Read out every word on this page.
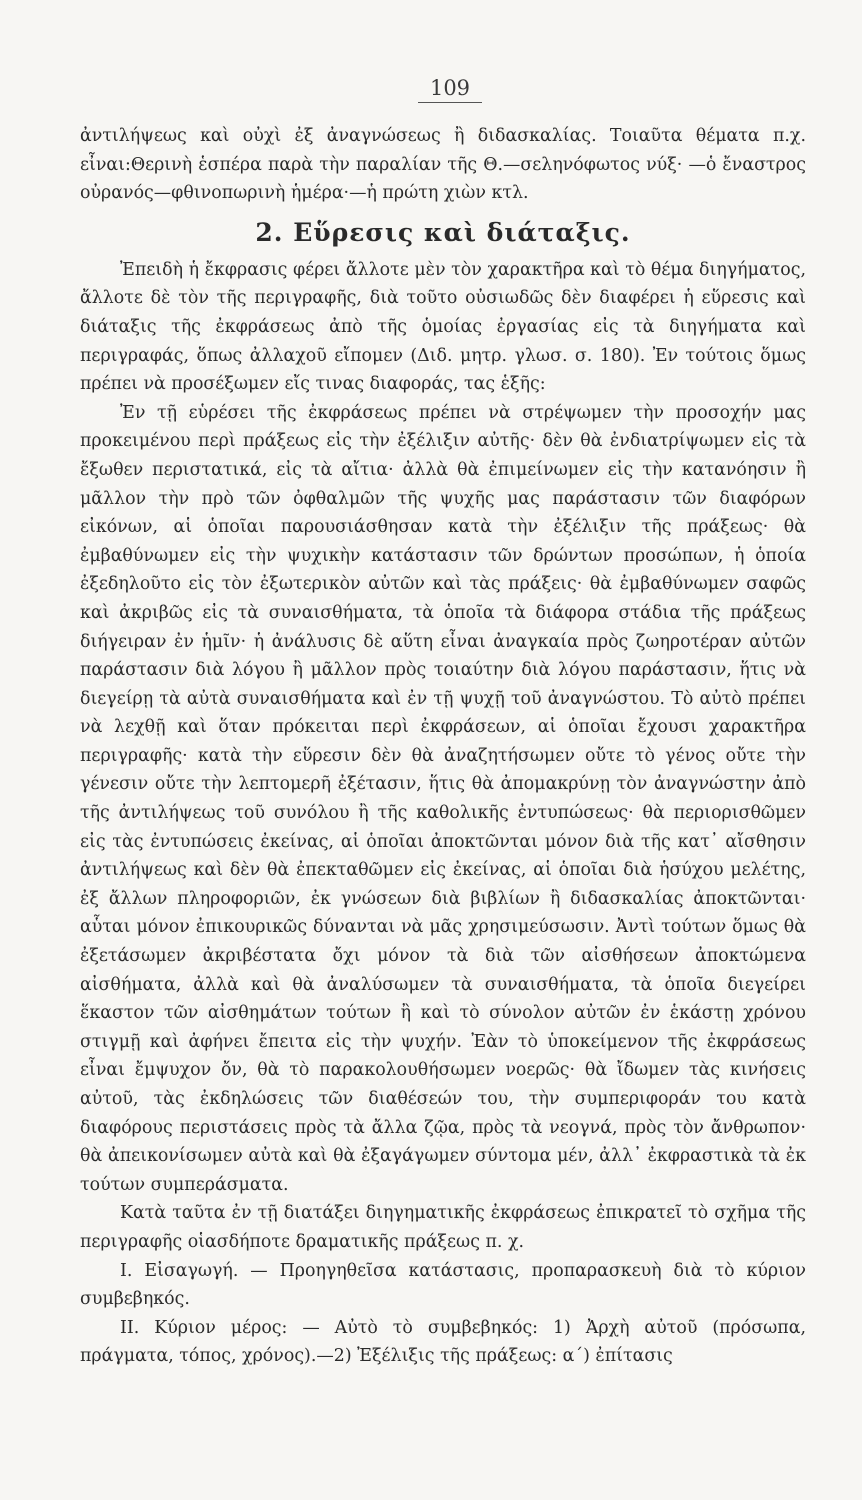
109

ἀντιλήψεως καὶ οὐχὶ ἐξ ἀναγνώσεως ἢ διδασκαλίας. Τοιαῦτα θέματα π.χ. εἶναι:Θερινὴ ἑσπέρα παρὰ τὴν παραλίαν τῆς Θ.—σεληνόφωτος νύξ· —ὁ ἔναστρος οὐρανός—φθινοπωρινὴ ἡμέρα·—ἡ πρώτη χιὼν κτλ.

2. Εὕρεσις καὶ διάταξις.

Ἐπειδὴ ἡ ἔκφρασις φέρει ἄλλοτε μὲν τὸν χαρακτῆρα καὶ τὸ θέμα διηγήματος, ἄλλοτε δὲ τὸν τῆς περιγραφῆς, διὰ τοῦτο οὐσιωδῶς δὲν διαφέρει ἡ εὕρεσις καὶ διάταξις τῆς ἐκφράσεως ἀπὸ τῆς ὁμοίας ἐργασίας εἰς τὰ διηγήματα καὶ περιγραφάς, ὅπως ἀλλαχοῦ εἴπομεν (Διδ. μητρ. γλωσ. σ. 180). Ἐν τούτοις ὅμως πρέπει νὰ προσέξωμεν εἴς τινας διαφοράς, τας ἑξῆς:

Ἐν τῇ εὑρέσει τῆς ἐκφράσεως πρέπει νὰ στρέψωμεν τὴν προσοχήν μας προκειμένου περὶ πράξεως εἰς τὴν ἐξέλιξιν αὐτῆς· δὲν θὰ ἐνδιατρίψωμεν εἰς τὰ ἔξωθεν περιστατικά, εἰς τὰ αἴτια· ἀλλὰ θὰ ἐπιμείνωμεν εἰς τὴν κατανόησιν ἢ μᾶλλον τὴν πρὸ τῶν ὀφθαλμῶν τῆς ψυχῆς μας παράστασιν τῶν διαφόρων εἰκόνων, αἱ ὁποῖαι παρουσιάσθησαν κατὰ τὴν ἐξέλιξιν τῆς πράξεως· θὰ ἐμβαθύνωμεν εἰς τὴν ψυχικὴν κατάστασιν τῶν δρώντων προσώπων, ἡ ὁποία ἐξεδηλοῦτο εἰς τὸν ἐξωτερικὸν αὐτῶν καὶ τὰς πράξεις· θὰ ἐμβαθύνωμεν σαφῶς καὶ ἀκριβῶς εἰς τὰ συναισθήματα, τὰ ὁποῖα τὰ διάφορα στάδια τῆς πράξεως διήγειραν ἐν ἡμῖν· ἡ ἀνάλυσις δὲ αὕτη εἶναι ἀναγκαία πρὸς ζωηροτέραν αὐτῶν παράστασιν διὰ λόγου ἢ μᾶλλον πρὸς τοιαύτην διὰ λόγου παράστασιν, ἥτις νὰ διεγείρῃ τὰ αὐτὰ συναισθήματα καὶ ἐν τῇ ψυχῇ τοῦ ἀναγνώστου. Τὸ αὐτὸ πρέπει νὰ λεχθῇ καὶ ὅταν πρόκειται περὶ ἐκφράσεων, αἱ ὁποῖαι ἔχουσι χαρακτῆρα περιγραφῆς· κατὰ τὴν εὕρεσιν δὲν θὰ ἀναζητήσωμεν οὔτε τὸ γένος οὔτε τὴν γένεσιν οὔτε τὴν λεπτομερῆ ἐξέτασιν, ἥτις θὰ ἀπομακρύνῃ τὸν ἀναγνώστην ἀπὸ τῆς ἀντιλήψεως τοῦ συνόλου ἢ τῆς καθολικῆς ἐντυπώσεως· θὰ περιορισθῶμεν εἰς τὰς ἐντυπώσεις ἐκείνας, αἱ ὁποῖαι ἀποκτῶνται μόνον διὰ τῆς κατ᾽ αἴσθησιν ἀντιλήψεως καὶ δὲν θὰ ἐπεκταθῶμεν εἰς ἐκείνας, αἱ ὁποῖαι διὰ ἡσύχου μελέτης, ἐξ ἄλλων πληροφοριῶν, ἐκ γνώσεων διὰ βιβλίων ἢ διδασκαλίας ἀποκτῶνται· αὗται μόνον ἐπικουρικῶς δύνανται νὰ μᾶς χρησιμεύσωσιν. Ἀντὶ τούτων ὅμως θὰ ἐξετάσωμεν ἀκριβέστατα ὄχι μόνον τὰ διὰ τῶν αἰσθήσεων ἀποκτώμενα αἰσθήματα, ἀλλὰ καὶ θὰ ἀναλύσωμεν τὰ συναισθήματα, τὰ ὁποῖα διεγείρει ἕκαστον τῶν αἰσθημάτων τούτων ἢ καὶ τὸ σύνολον αὐτῶν ἐν ἑκάστῃ χρόνου στιγμῇ καὶ ἀφήνει ἔπειτα εἰς τὴν ψυχήν. Ἐὰν τὸ ὑποκείμενον τῆς ἐκφράσεως εἶναι ἔμψυχον ὄν, θὰ τὸ παρακολουθήσωμεν νοερῶς· θὰ ἴδωμεν τὰς κινήσεις αὐτοῦ, τὰς ἐκδηλώσεις τῶν διαθέσεών του, τὴν συμπεριφοράν του κατὰ διαφόρους περιστάσεις πρὸς τὰ ἄλλα ζῷα, πρὸς τὰ νεογνά, πρὸς τὸν ἄνθρωπον· θὰ ἀπεικονίσωμεν αὐτὰ καὶ θὰ ἐξαγάγωμεν σύντομα μέν, ἀλλ᾽ ἐκφραστικὰ τὰ ἐκ τούτων συμπεράσματα.

Κατὰ ταῦτα ἐν τῇ διατάξει διηγηματικῆς ἐκφράσεως ἐπικρατεῖ τὸ σχῆμα τῆς περιγραφῆς οἱασδήποτε δραματικῆς πράξεως π. χ.

I. Εἰσαγωγή. — Προηγηθεῖσα κατάστασις, προπαρασκευὴ διὰ τὸ κύριον συμβεβηκός.

II. Κύριον μέρος: — Αὐτὸ τὸ συμβεβηκός: 1) Ἀρχὴ αὐτοῦ (πρόσωπα, πράγματα, τόπος, χρόνος).—2) Ἐξέλιξις τῆς πράξεως: α΄) ἐπίτασις
